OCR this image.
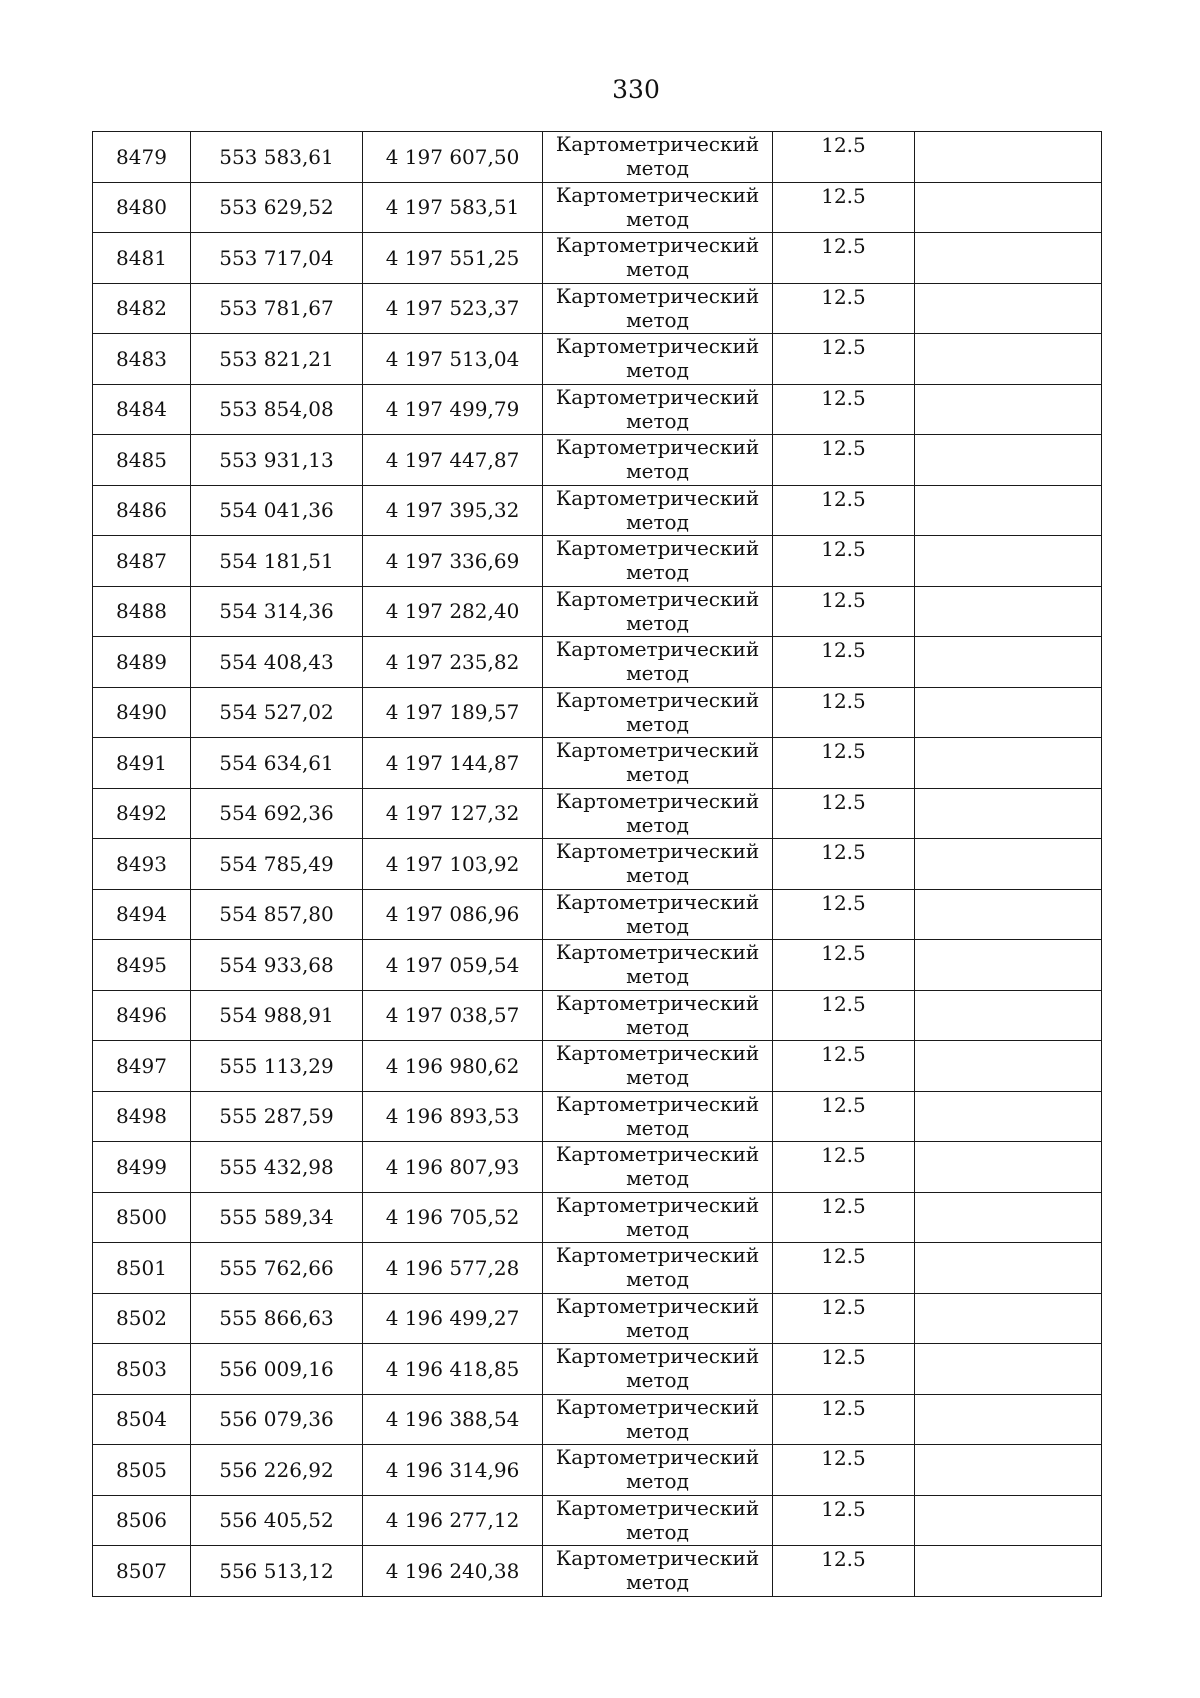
330
8479	553 583,61	4 197 607,50	Картометрический
метод	12.5	
8480	553 629,52	4 197 583,51	Картометрический
метод	12.5	
8481	553 717,04	4 197 551,25	Картометрический
метод	12.5	
8482	553 781,67	4 197 523,37	Картометрический
метод	12.5	
8483	553 821,21	4 197 513,04	Картометрический
метод	12.5	
8484	553 854,08	4 197 499,79	Картометрический
метод	12.5	
8485	553 931,13	4 197 447,87	Картометрический
метод	12.5	
8486	554 041,36	4 197 395,32	Картометрический
метод	12.5	
8487	554 181,51	4 197 336,69	Картометрический
метод	12.5	
8488	554 314,36	4 197 282,40	Картометрический
метод	12.5	
8489	554 408,43	4 197 235,82	Картометрический
метод	12.5	
8490	554 527,02	4 197 189,57	Картометрический
метод	12.5	
8491	554 634,61	4 197 144,87	Картометрический
метод	12.5	
8492	554 692,36	4 197 127,32	Картометрический
метод	12.5	
8493	554 785,49	4 197 103,92	Картометрический
метод	12.5	
8494	554 857,80	4 197 086,96	Картометрический
метод	12.5	
8495	554 933,68	4 197 059,54	Картометрический
метод	12.5	
8496	554 988,91	4 197 038,57	Картометрический
метод	12.5	
8497	555 113,29	4 196 980,62	Картометрический
метод	12.5	
8498	555 287,59	4 196 893,53	Картометрический
метод	12.5	
8499	555 432,98	4 196 807,93	Картометрический
метод	12.5	
8500	555 589,34	4 196 705,52	Картометрический
метод	12.5	
8501	555 762,66	4 196 577,28	Картометрический
метод	12.5	
8502	555 866,63	4 196 499,27	Картометрический
метод	12.5	
8503	556 009,16	4 196 418,85	Картометрический
метод	12.5	
8504	556 079,36	4 196 388,54	Картометрический
метод	12.5	
8505	556 226,92	4 196 314,96	Картометрический
метод	12.5	
8506	556 405,52	4 196 277,12	Картометрический
метод	12.5	
8507	556 513,12	4 196 240,38	Картометрический
метод	12.5	
